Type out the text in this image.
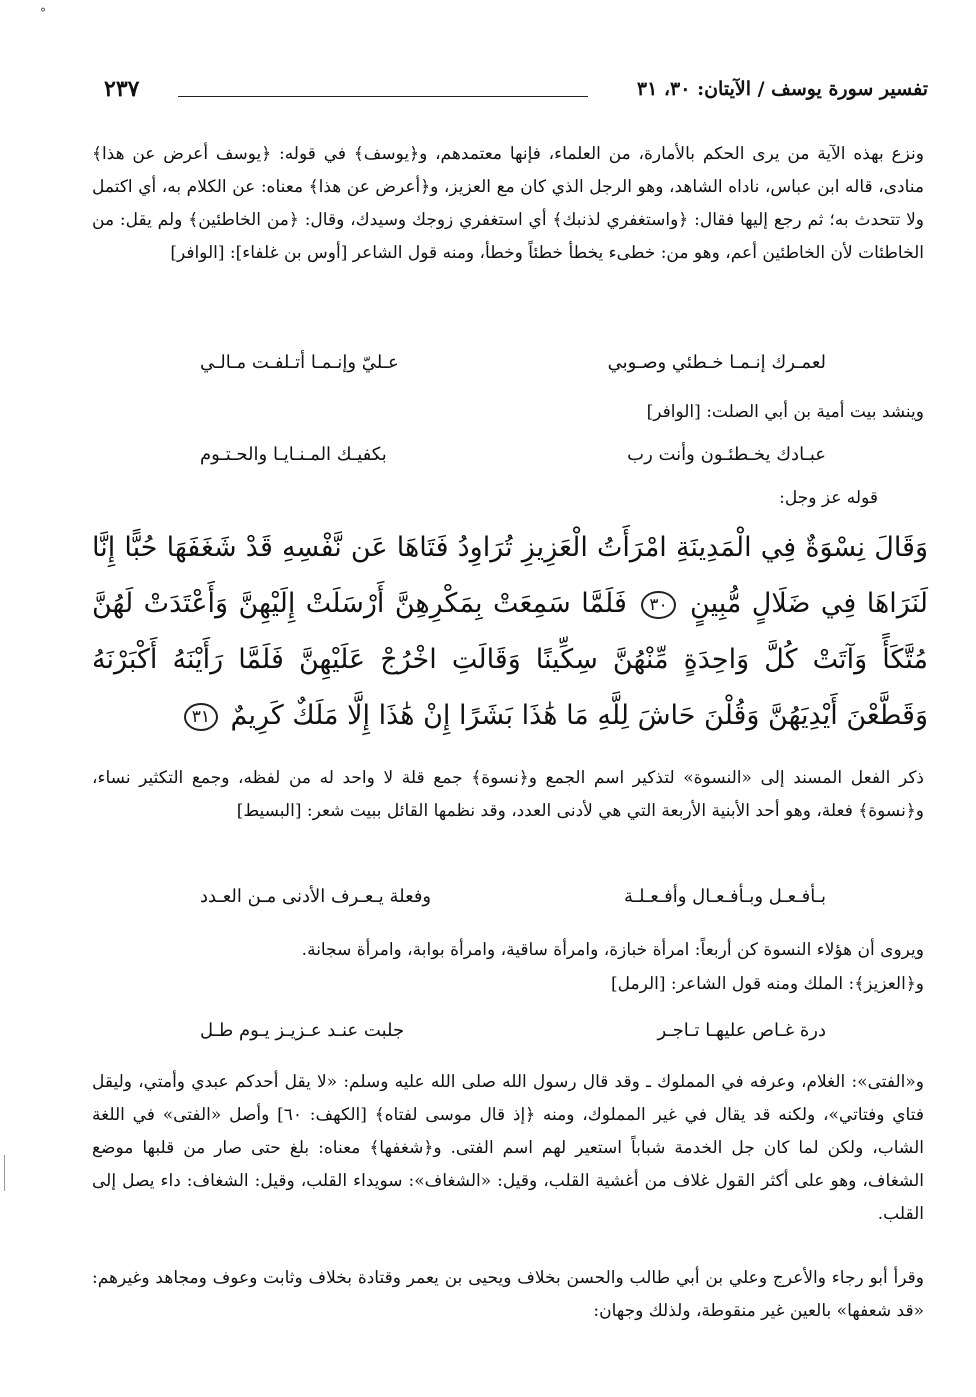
°
تفسير سورة يوسف / الآيتان: ٣٠، ٣١
٢٣٧
ونزع بهذه الآية من يرى الحكم بالأمارة، من العلماء، فإنها معتمدهم، و﴿يوسف﴾ في قوله: ﴿يوسف أعرض عن هذا﴾ منادى، قاله ابن عباس، ناداه الشاهد، وهو الرجل الذي كان مع العزيز، و﴿أعرض عن هذا﴾ معناه: عن الكلام به، أي اكتمل ولا تتحدث به؛ ثم رجع إليها فقال: ﴿واستغفري لذنبك﴾ أي استغفري زوجك وسيدك، وقال: ﴿من الخاطئين﴾ ولم يقل: من الخاطئات لأن الخاطئين أعم، وهو من: خطىء يخطأ خطئاً وخطأ، ومنه قول الشاعر [أوس بن غلفاء]: [الوافر]
لعمـرك إنـمـا خـطئي وصـوبي
عـليّ وإنـمـا أتـلفـت مـالـي
وينشد بيت أمية بن أبي الصلت: [الوافر]
عبـادك يخـطئـون وأنت رب
بكفيـك المـنـايـا والحـتـوم
قوله عز وجل:
وَقَالَ نِسْوَةٌ فِي الْمَدِينَةِ امْرَأَتُ الْعَزِيزِ تُرَاوِدُ فَتَاهَا عَن نَّفْسِهِ قَدْ شَغَفَهَا حُبًّا إِنَّا لَنَرَاهَا فِي ضَلَالٍ مُّبِينٍ ٣٠ فَلَمَّا سَمِعَتْ بِمَكْرِهِنَّ أَرْسَلَتْ إِلَيْهِنَّ وَأَعْتَدَتْ لَهُنَّ مُتَّكَأً وَآتَتْ كُلَّ وَاحِدَةٍ مِّنْهُنَّ سِكِّينًا وَقَالَتِ اخْرُجْ عَلَيْهِنَّ فَلَمَّا رَأَيْنَهُ أَكْبَرْنَهُ وَقَطَّعْنَ أَيْدِيَهُنَّ وَقُلْنَ حَاشَ لِلَّهِ مَا هَٰذَا بَشَرًا إِنْ هَٰذَا إِلَّا مَلَكٌ كَرِيمٌ ٣١
ذكر الفعل المسند إلى «النسوة» لتذكير اسم الجمع و﴿نسوة﴾ جمع قلة لا واحد له من لفظه، وجمع التكثير نساء، و﴿نسوة﴾ فعلة، وهو أحد الأبنية الأربعة التي هي لأدنى العدد، وقد نظمها القائل ببيت شعر: [البسيط]
بـأفـعـل وبـأفـعـال وأفـعـلـة
وفعلة يـعـرف الأدنى مـن العـدد
ويروى أن هؤلاء النسوة كن أربعاً: امرأة خبازة، وامرأة ساقية، وامرأة بوابة، وامرأة سجانة.
و﴿العزيز﴾: الملك ومنه قول الشاعر: [الرمل]
درة غـاص عليهـا تـاجـر
جلبت عنـد عـزيـز يـوم طـل
و«الفتى»: الغلام، وعرفه في المملوك ـ وقد قال رسول الله صلى الله عليه وسلم: «لا يقل أحدكم عبدي وأمتي، وليقل فتاي وفتاتي»، ولكنه قد يقال في غير المملوك، ومنه ﴿إذ قال موسى لفتاه﴾ [الكهف: ٦٠] وأصل «الفتى» في اللغة الشاب، ولكن لما كان جل الخدمة شباباً استعير لهم اسم الفتى. و﴿شغفها﴾ معناه: بلغ حتى صار من قلبها موضع الشغاف، وهو على أكثر القول غلاف من أغشية القلب، وقيل: «الشغاف»: سويداء القلب، وقيل: الشغاف: داء يصل إلى القلب.
وقرأ أبو رجاء والأعرج وعلي بن أبي طالب والحسن بخلاف ويحيى بن يعمر وقتادة بخلاف وثابت وعوف ومجاهد وغيرهم: «قد شعفها» بالعين غير منقوطة، ولذلك وجهان:
